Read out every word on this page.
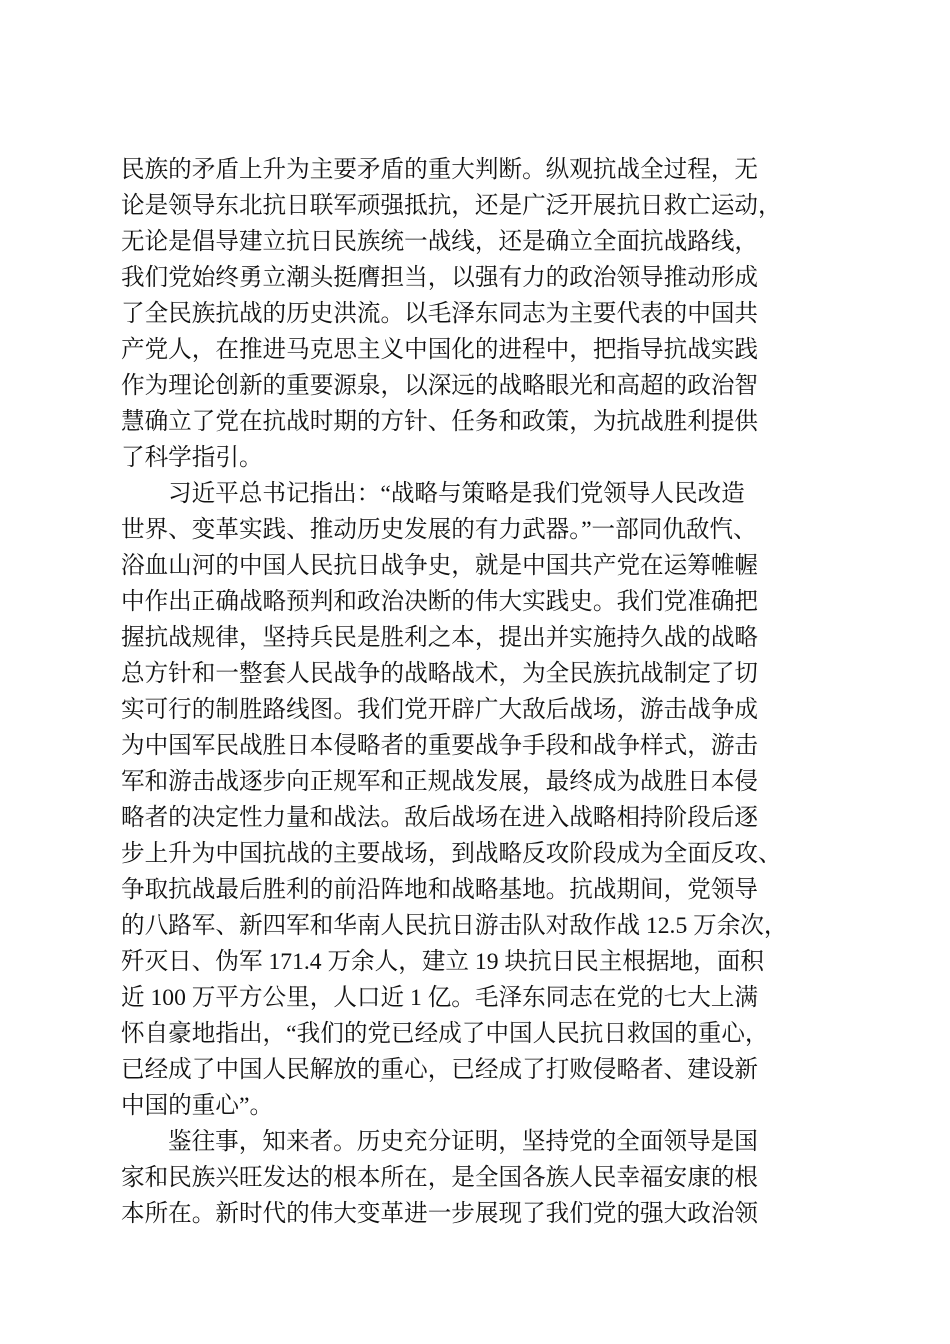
民族的矛盾上升为主要矛盾的重大判断。纵观抗战全过程，无
论是领导东北抗日联军顽强抵抗，还是广泛开展抗日救亡运动，
无论是倡导建立抗日民族统一战线，还是确立全面抗战路线，
我们党始终勇立潮头挺膺担当，以强有力的政治领导推动形成
了全民族抗战的历史洪流。以毛泽东同志为主要代表的中国共
产党人，在推进马克思主义中国化的进程中，把指导抗战实践
作为理论创新的重要源泉，以深远的战略眼光和高超的政治智
慧确立了党在抗战时期的方针、任务和政策，为抗战胜利提供
了科学指引。
习近平总书记指出：“战略与策略是我们党领导人民改造
世界、变革实践、推动历史发展的有力武器。”一部同仇敌忾、
浴血山河的中国人民抗日战争史，就是中国共产党在运筹帷幄
中作出正确战略预判和政治决断的伟大实践史。我们党准确把
握抗战规律，坚持兵民是胜利之本，提出并实施持久战的战略
总方针和一整套人民战争的战略战术，为全民族抗战制定了切
实可行的制胜路线图。我们党开辟广大敌后战场，游击战争成
为中国军民战胜日本侵略者的重要战争手段和战争样式，游击
军和游击战逐步向正规军和正规战发展，最终成为战胜日本侵
略者的决定性力量和战法。敌后战场在进入战略相持阶段后逐
步上升为中国抗战的主要战场，到战略反攻阶段成为全面反攻、
争取抗战最后胜利的前沿阵地和战略基地。抗战期间，党领导
的八路军、新四军和华南人民抗日游击队对敌作战 12.5 万余次，
歼灭日、伪军 171.4 万余人，建立 19 块抗日民主根据地，面积
近 100 万平方公里，人口近 1 亿。毛泽东同志在党的七大上满
怀自豪地指出，“我们的党已经成了中国人民抗日救国的重心，
已经成了中国人民解放的重心，已经成了打败侵略者、建设新
中国的重心”。
鉴往事，知来者。历史充分证明，坚持党的全面领导是国
家和民族兴旺发达的根本所在，是全国各族人民幸福安康的根
本所在。新时代的伟大变革进一步展现了我们党的强大政治领
